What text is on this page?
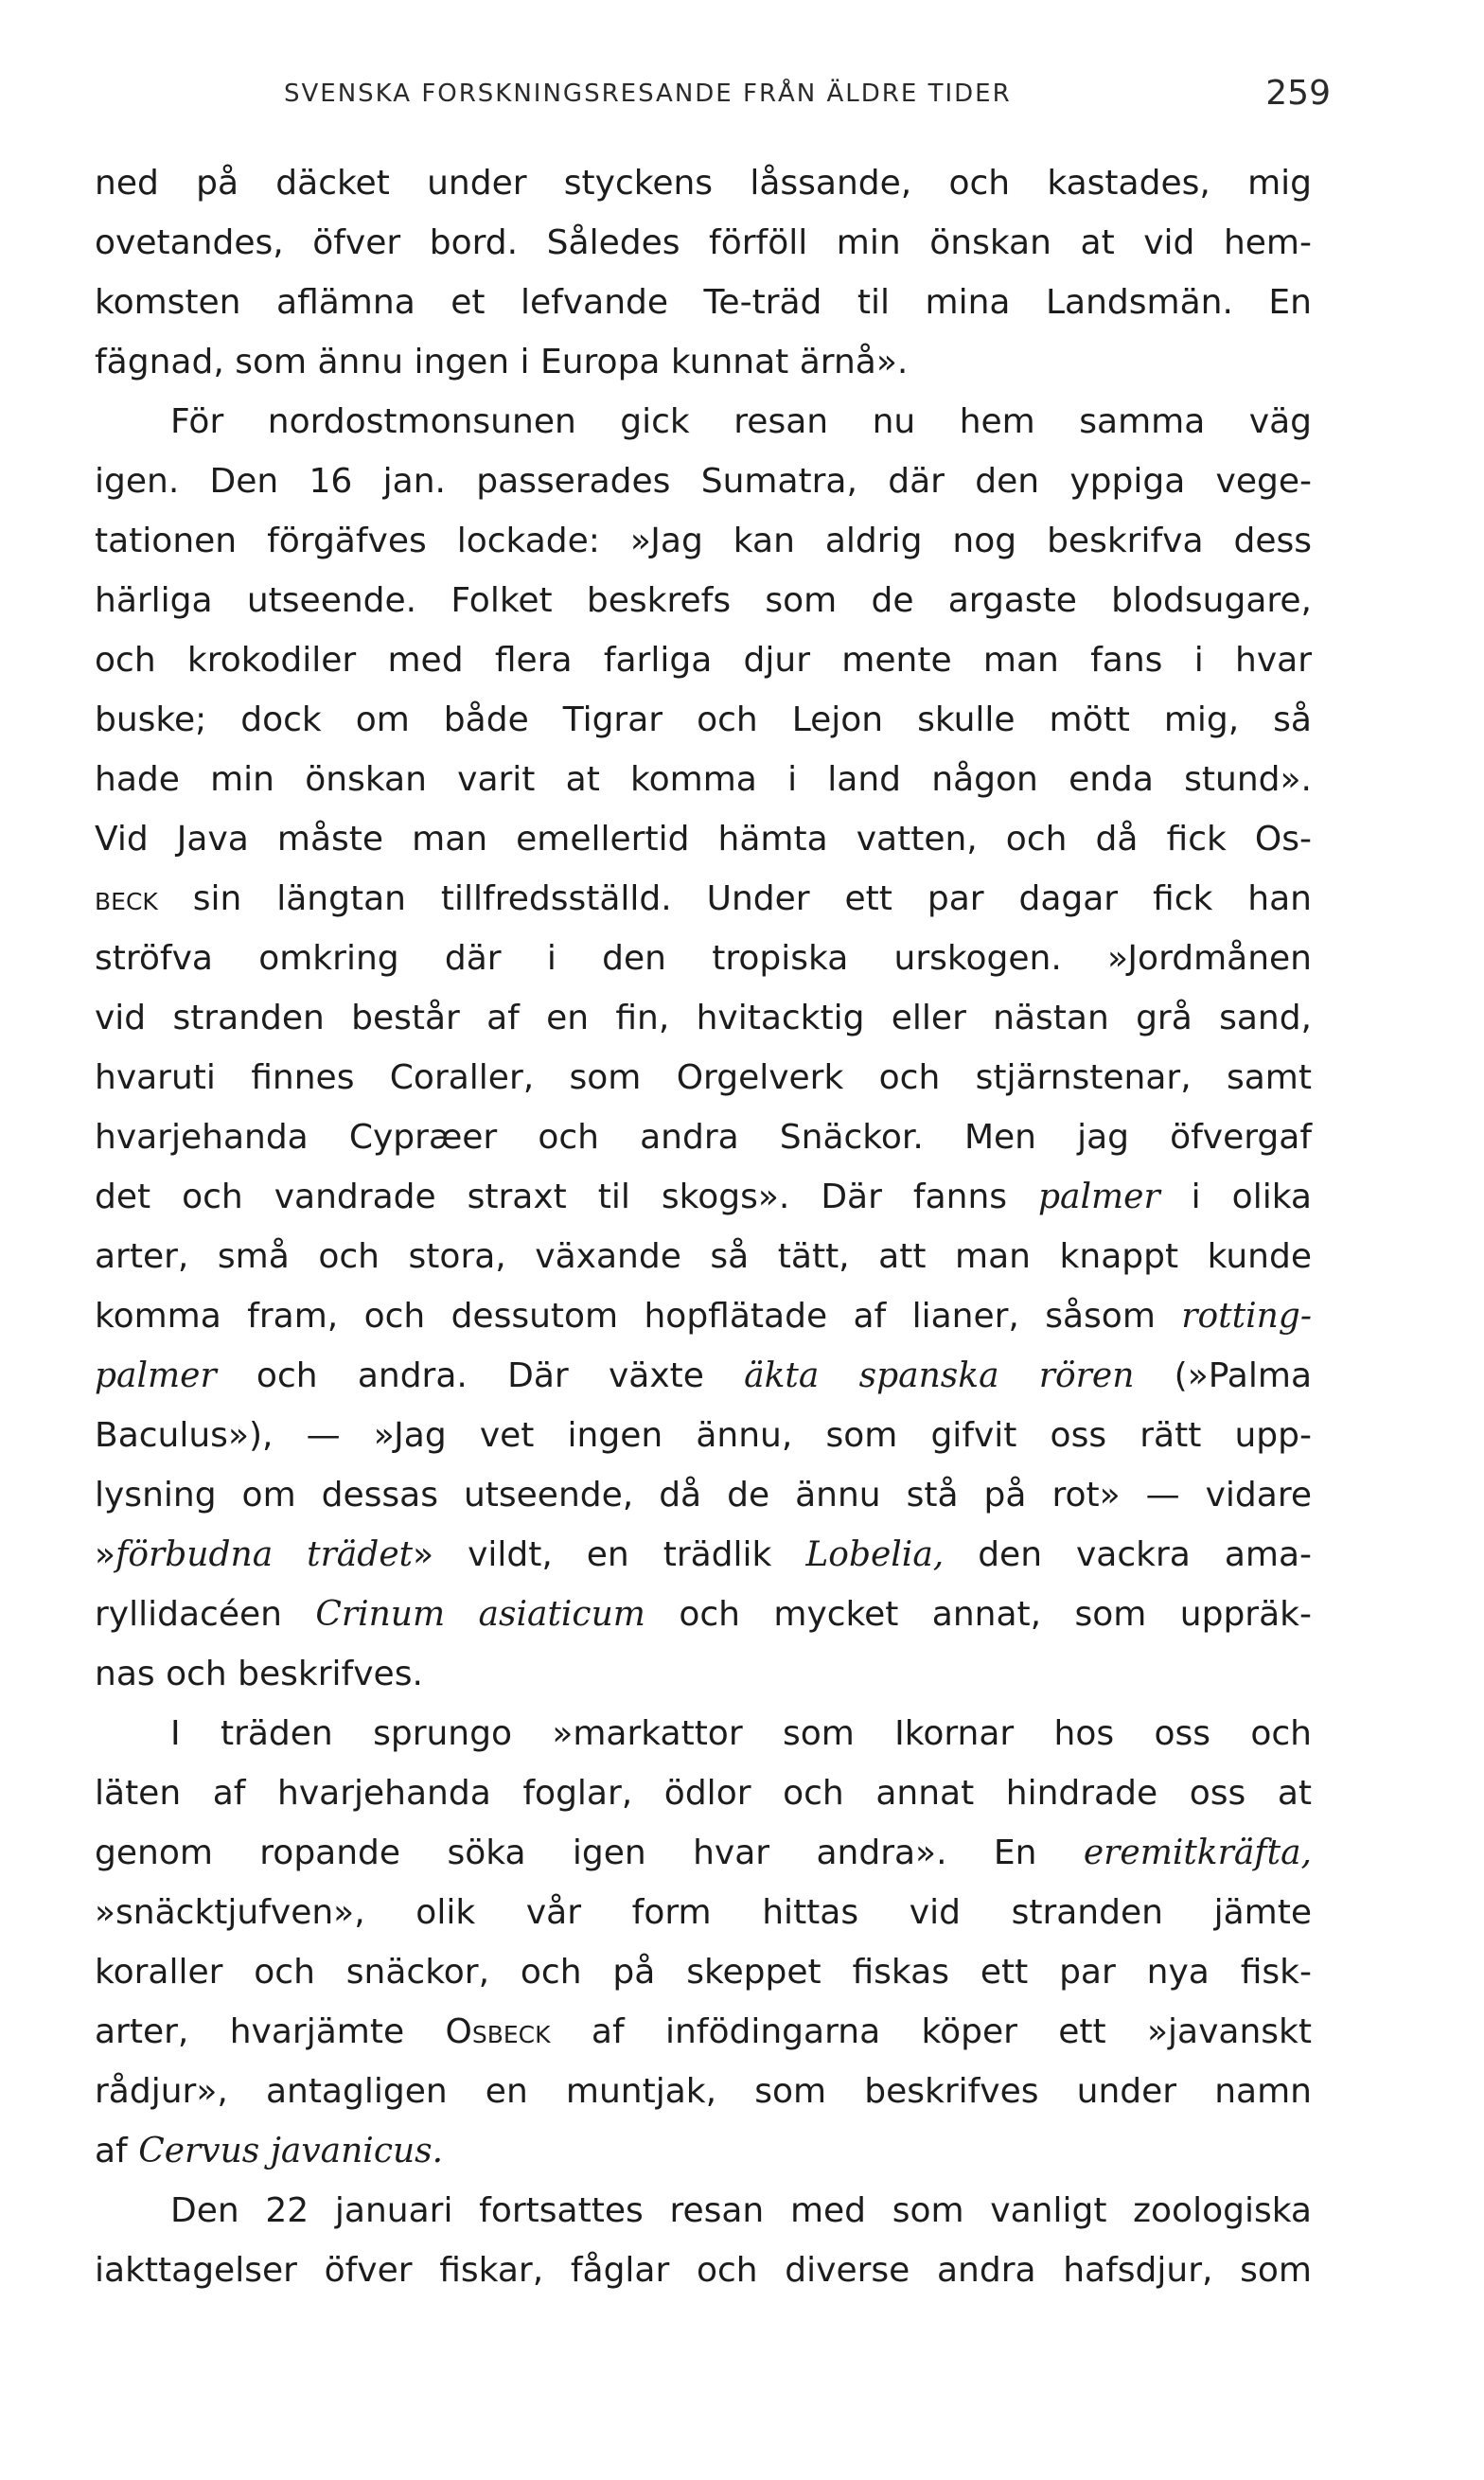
SVENSKA FORSKNINGSRESANDE FRÅN ÄLDRE TIDER	259
ned på däcket under styckens låssande, och kastades, mig
ovetandes, öfver bord. Således förföll min önskan at vid hem-
komsten aflämna et lefvande Te-träd til mina Landsmän. En
fägnad, som ännu ingen i Europa kunnat ärnå».
För nordostmonsunen gick resan nu hem samma väg
igen. Den 16 jan. passerades Sumatra, där den yppiga vege-
tationen förgäfves lockade: »Jag kan aldrig nog beskrifva dess
härliga utseende. Folket beskrefs som de argaste blodsugare,
och krokodiler med flera farliga djur mente man fans i hvar
buske; dock om både Tigrar och Lejon skulle mött mig, så
hade min önskan varit at komma i land någon enda stund».
Vid Java måste man emellertid hämta vatten, och då fick Os-
beck sin längtan tillfredsställd. Under ett par dagar fick han
ströfva omkring där i den tropiska urskogen. »Jordmånen
vid stranden består af en fin, hvitacktig eller nästan grå sand,
hvaruti finnes Coraller, som Orgelverk och stjärnstenar, samt
hvarjehanda Cypræer och andra Snäckor. Men jag öfvergaf
det och vandrade straxt til skogs». Där fanns palmer i olika
arter, små och stora, växande så tätt, att man knappt kunde
komma fram, och dessutom hopflätade af lianer, såsom rotting-
palmer och andra. Där växte äkta spanska rören (»Palma
Baculus»), — »Jag vet ingen ännu, som gifvit oss rätt upp-
lysning om dessas utseende, då de ännu stå på rot» — vidare
»förbudna trädet» vildt, en trädlik Lobelia, den vackra ama-
ryllidacéen Crinum asiaticum och mycket annat, som uppräk-
nas och beskrifves.
I träden sprungo »markattor som Ikornar hos oss och
läten af hvarjehanda foglar, ödlor och annat hindrade oss at
genom ropande söka igen hvar andra». En eremitkräfta,
»snäcktjufven», olik vår form hittas vid stranden jämte
koraller och snäckor, och på skeppet fiskas ett par nya fisk-
arter, hvarjämte Osbeck af infödingarna köper ett »javanskt
rådjur», antagligen en muntjak, som beskrifves under namn
af Cervus javanicus.
Den 22 januari fortsattes resan med som vanligt zoologiska
iakttagelser öfver fiskar, fåglar och diverse andra hafsdjur, som
